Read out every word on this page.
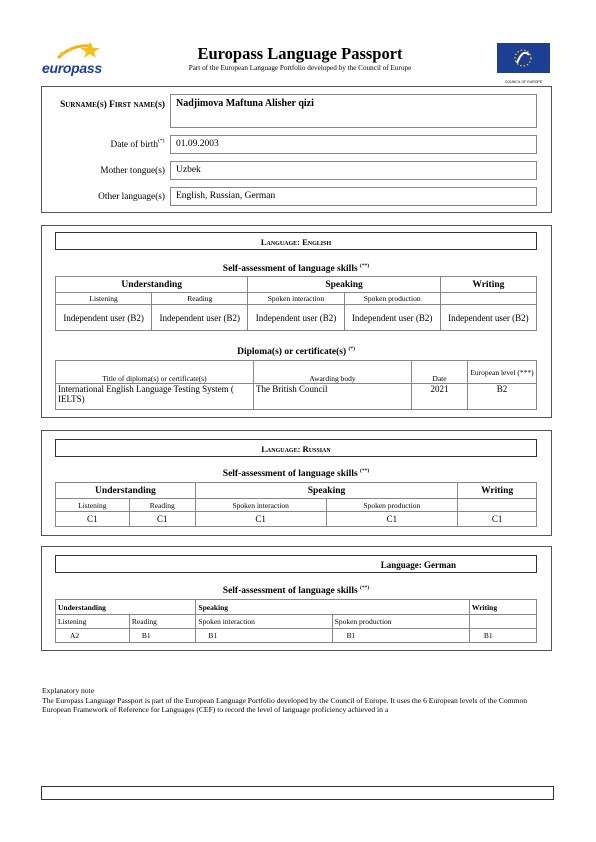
europass
Europass Language Passport
Part of the European Language Portfolio developed by the Council of Europe
COUNCIL OF EUROPE
Surname(s) First name(s)	Nadjimova Maftuna Alisher qizi
Date of birth (*)	01.09.2003
Mother tongue(s)	Uzbek
Other language(s)	English, Russian, German
Language: English
Self-assessment of language skills (**)
Understanding		Speaking		Writing
Listening	Reading	Spoken interaction	Spoken production	
Independent user (B2)	Independent user (B2)	Independent user (B2)	Independent user (B2)	Independent user (B2)
Diploma(s) or certificate(s) (*)
Title of diploma(s) or certificate(s)	Awarding body	Date	European level (***)
International English Language Testing System ( IELTS)	The British Council	2021	B2
Language: Russian
Self-assessment of language skills (**)
Understanding		Speaking		Writing
Listening	Reading	Spoken interaction	Spoken production	
C1	C1	C1	C1	C1
Language: German
Self-assessment of language skills (**)
Understanding		Speaking		Writing
Listening	Reading	Spoken interaction	Spoken production	
A2	B1	B1	B1	B1
Explanatory note
The Europass Language Passport is part of the European Language Portfolio developed by the Council of Europe. It uses the 6 European levels of the Common European Framework of Reference for Languages (CEF) to record the level of language proficiency achieved in a
